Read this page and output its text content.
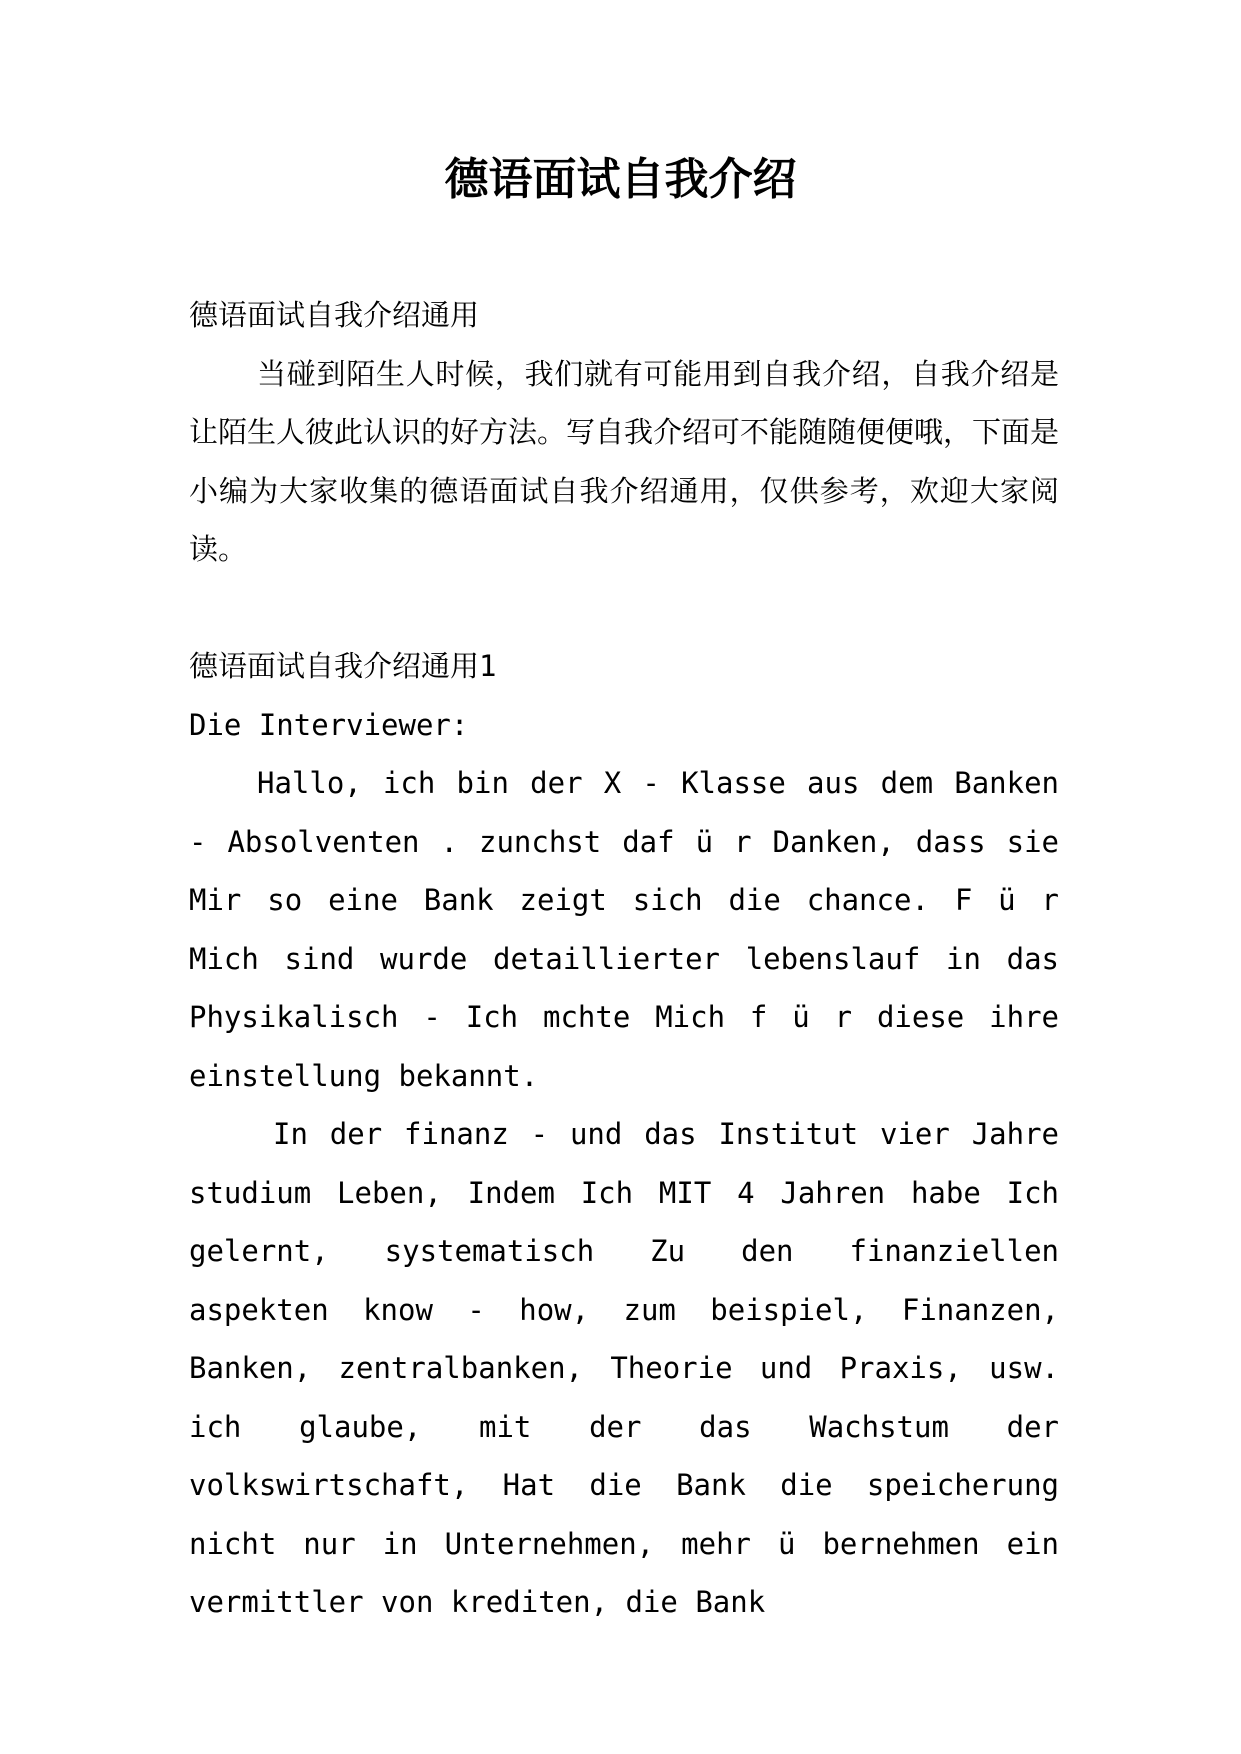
德语面试自我介绍

德语面试自我介绍通用

当碰到陌生人时候，我们就有可能用到自我介绍，自我介绍是让陌生人彼此认识的好方法。写自我介绍可不能随随便便哦，下面是小编为大家收集的德语面试自我介绍通用，仅供参考，欢迎大家阅读。

德语面试自我介绍通用1

Die Interviewer:

Hallo, ich bin der X - Klasse aus dem Banken - Absolventen . zunchst daf ü r Danken, dass sie Mir so eine Bank zeigt sich die chance. F ü r Mich sind wurde detaillierter lebenslauf in das Physikalisch - Ich mchte Mich f ü r diese ihre einstellung bekannt.

In der finanz - und das Institut vier Jahre studium Leben, Indem Ich MIT 4 Jahren habe Ich gelernt, systematisch Zu den finanziellen aspekten know - how, zum beispiel, Finanzen, Banken, zentralbanken, Theorie und Praxis, usw. ich glaube, mit der das Wachstum der volkswirtschaft, Hat die Bank die speicherung nicht nur in Unternehmen, mehr ü bernehmen ein vermittler von krediten, die Bank
